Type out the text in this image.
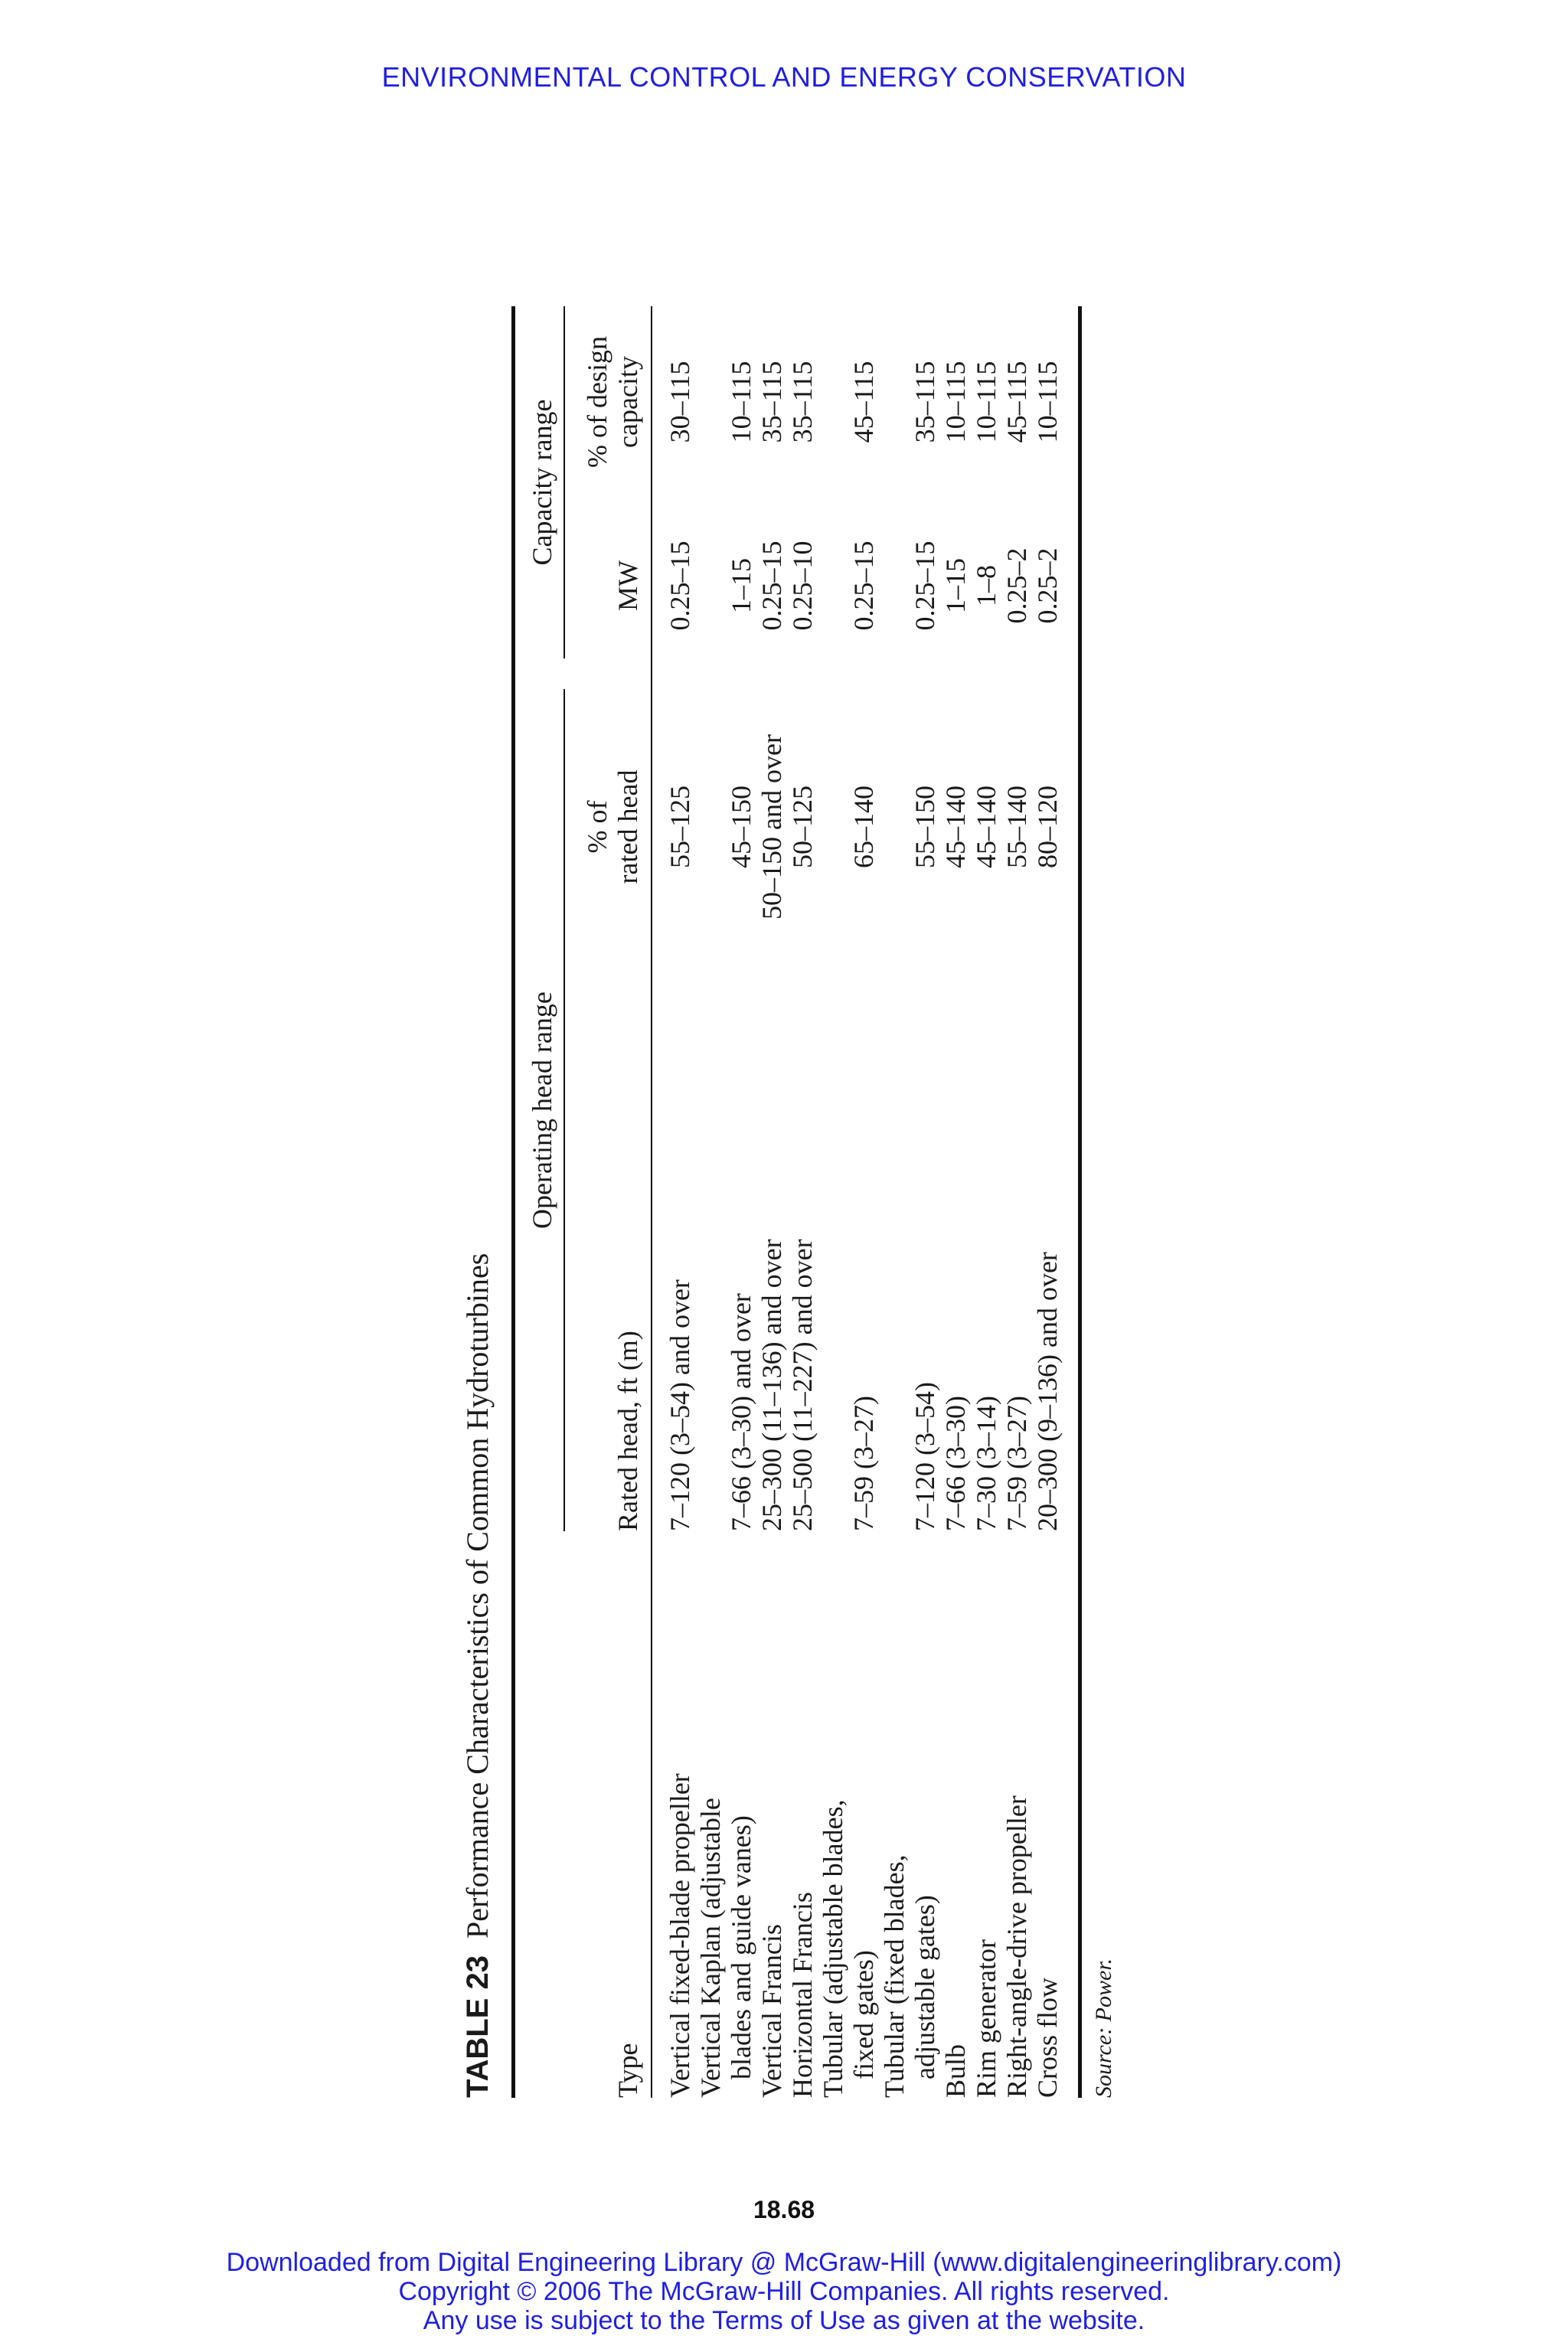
ENVIRONMENTAL CONTROL AND ENERGY CONSERVATION
TABLE 23Performance Characteristics of Common Hydroturbines
Operating head range
Capacity range
Type
Rated head, ft (m)
% of rated head
MW
% of design capacity
Vertical fixed-blade propeller
7–120 (3–54) and over
55–125
0.25–15
30–115
Vertical Kaplan (adjustable blades and guide vanes)
7–66 (3–30) and over
45–150
1–15
10–115
Vertical Francis
25–300 (11–136) and over
50–150 and over
0.25–15
35–115
Horizontal Francis
25–500 (11–227) and over
50–125
0.25–10
35–115
Tubular (adjustable blades, fixed gates)
7–59 (3–27)
65–140
0.25–15
45–115
Tubular (fixed blades, adjustable gates)
7–120 (3–54)
55–150
0.25–15
35–115
Bulb
7–66 (3–30)
45–140
1–15
10–115
Rim generator
7–30 (3–14)
45–140
1–8
10–115
Right-angle-drive propeller
7–59 (3–27)
55–140
0.25–2
45–115
Cross flow
20–300 (9–136) and over
80–120
0.25–2
10–115
Source: Power.
18.68
Downloaded from Digital Engineering Library @ McGraw-Hill (www.digitalengineeringlibrary.com)
Copyright © 2006 The McGraw-Hill Companies. All rights reserved.
Any use is subject to the Terms of Use as given at the website.
